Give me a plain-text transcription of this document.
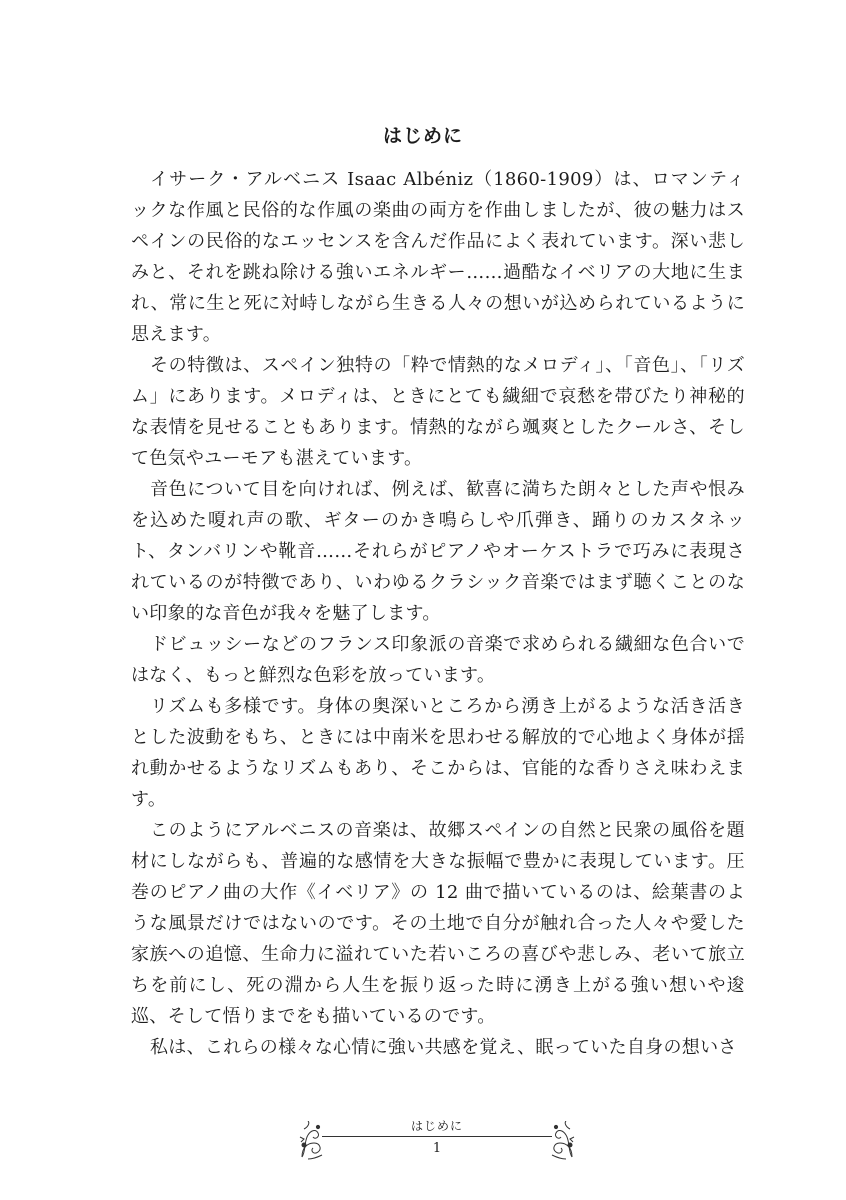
はじめに

イサーク・アルベニス Isaac Albéniz（1860-1909）は、ロマンティックな作風と民俗的な作風の楽曲の両方を作曲しましたが、彼の魅力はスペインの民俗的なエッセンスを含んだ作品によく表れています。深い悲しみと、それを跳ね除ける強いエネルギー……過酷なイベリアの大地に生まれ、常に生と死に対峙しながら生きる人々の想いが込められているように思えます。

その特徴は、スペイン独特の「粋で情熱的なメロディ」、「音色」、「リズム」にあります。メロディは、ときにとても繊細で哀愁を帯びたり神秘的な表情を見せることもあります。情熱的ながら颯爽としたクールさ、そして色気やユーモアも湛えています。

音色について目を向ければ、例えば、歓喜に満ちた朗々とした声や恨みを込めた嗄れ声の歌、ギターのかき鳴らしや爪弾き、踊りのカスタネット、タンバリンや靴音……それらがピアノやオーケストラで巧みに表現されているのが特徴であり、いわゆるクラシック音楽ではまず聴くことのない印象的な音色が我々を魅了します。

ドビュッシーなどのフランス印象派の音楽で求められる繊細な色合いではなく、もっと鮮烈な色彩を放っています。

リズムも多様です。身体の奥深いところから湧き上がるような活き活きとした波動をもち、ときには中南米を思わせる解放的で心地よく身体が揺れ動かせるようなリズムもあり、そこからは、官能的な香りさえ味わえます。

このようにアルベニスの音楽は、故郷スペインの自然と民衆の風俗を題材にしながらも、普遍的な感情を大きな振幅で豊かに表現しています。圧巻のピアノ曲の大作《イベリア》の 12 曲で描いているのは、絵葉書のような風景だけではないのです。その土地で自分が触れ合った人々や愛した家族への追憶、生命力に溢れていた若いころの喜びや悲しみ、老いて旅立ちを前にし、死の淵から人生を振り返った時に湧き上がる強い想いや逡巡、そして悟りまでをも描いているのです。

私は、これらの様々な心情に強い共感を覚え、眠っていた自身の想いさ

はじめに
1
